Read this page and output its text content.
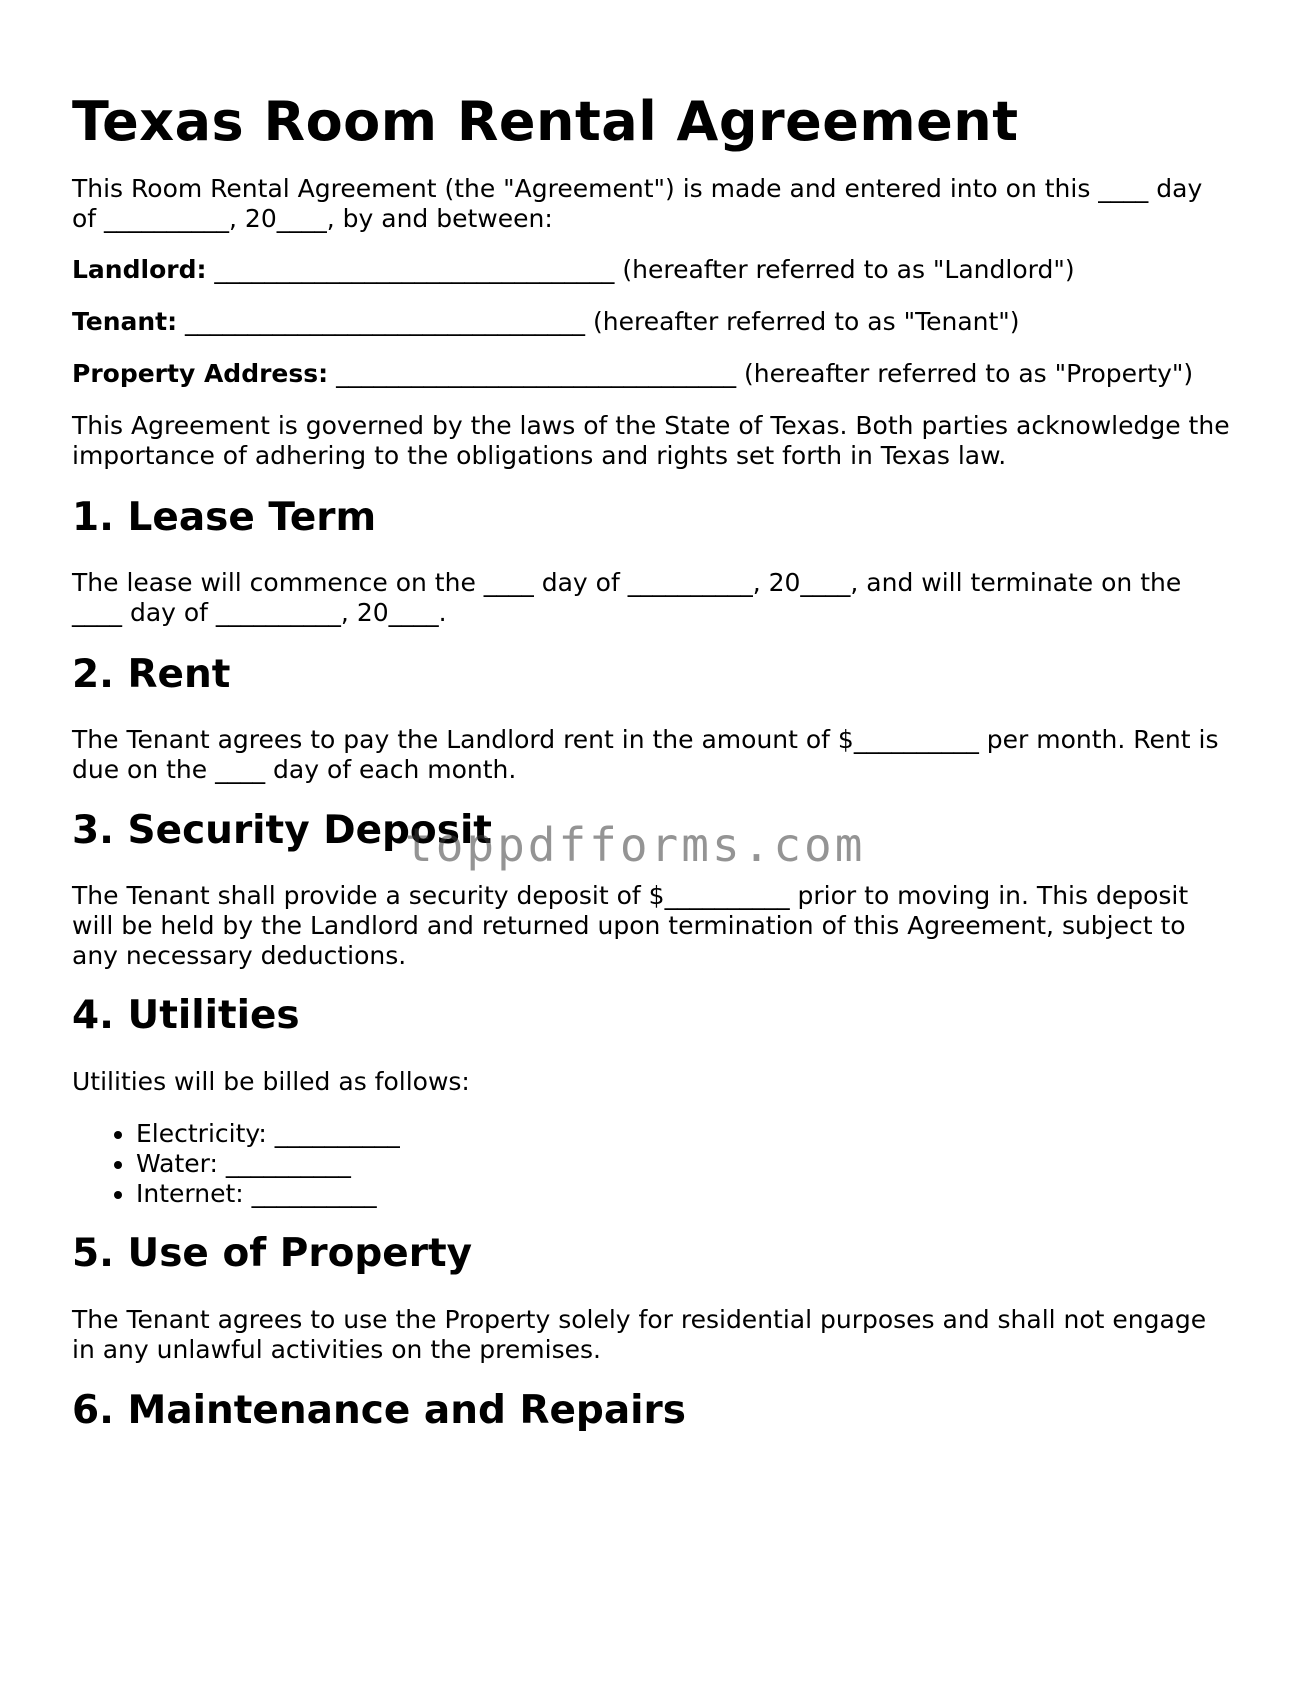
Texas Room Rental Agreement

This Room Rental Agreement (the "Agreement") is made and entered into on this ____ day of __________, 20____, by and between:

Landlord: ________________________________ (hereafter referred to as "Landlord")

Tenant: ________________________________ (hereafter referred to as "Tenant")

Property Address: ________________________________ (hereafter referred to as "Property")

This Agreement is governed by the laws of the State of Texas. Both parties acknowledge the importance of adhering to the obligations and rights set forth in Texas law.

1. Lease Term

The lease will commence on the ____ day of __________, 20____, and will terminate on the ____ day of __________, 20____.

2. Rent

The Tenant agrees to pay the Landlord rent in the amount of $__________ per month. Rent is due on the ____ day of each month.

3. Security Deposit

The Tenant shall provide a security deposit of $__________ prior to moving in. This deposit will be held by the Landlord and returned upon termination of this Agreement, subject to any necessary deductions.

4. Utilities

Utilities will be billed as follows:

• Electricity: __________
• Water: __________
• Internet: __________
5. Use of Property

The Tenant agrees to use the Property solely for residential purposes and shall not engage in any unlawful activities on the premises.

6. Maintenance and Repairs
toppdfforms.com
